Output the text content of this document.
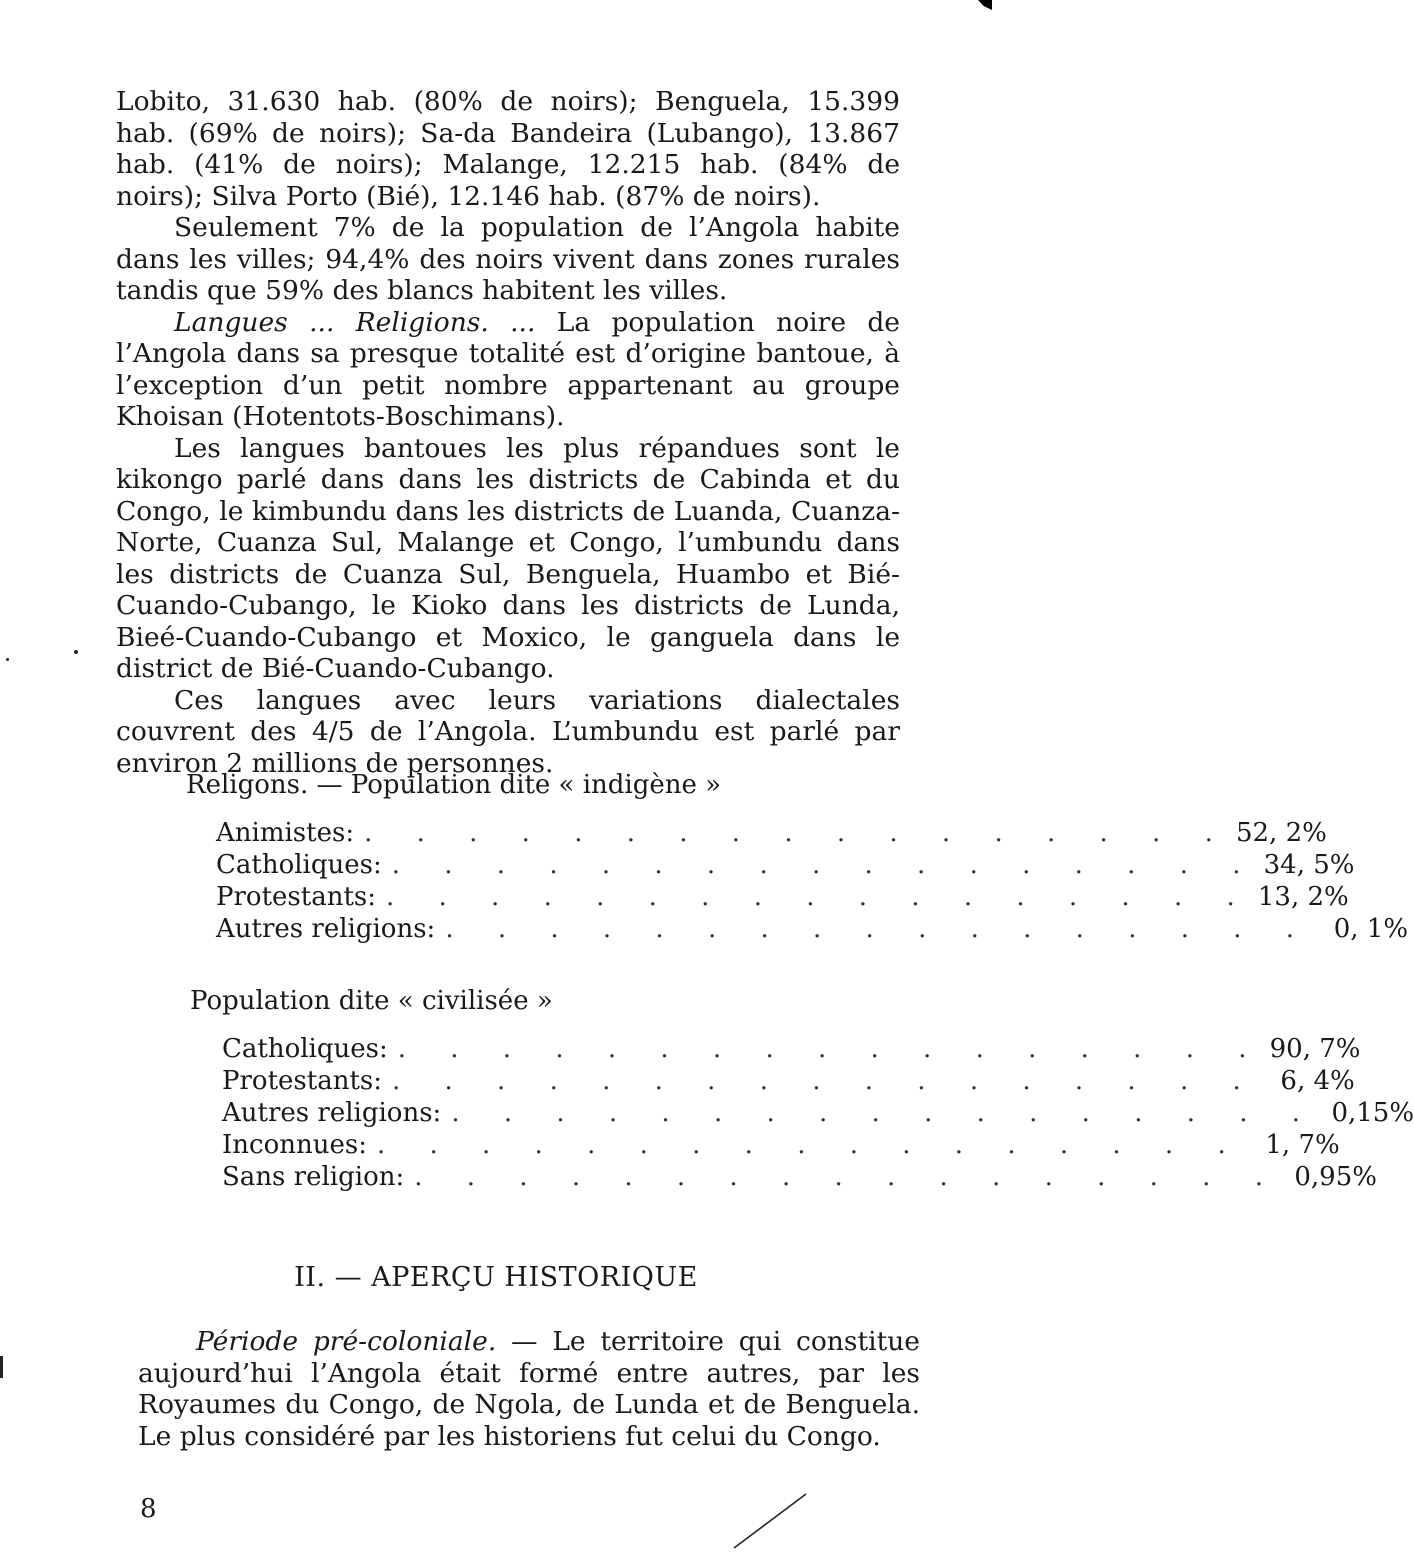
Lobito, 31.630 hab. (80% de noirs); Benguela, 15.399 hab. (69% de noirs); Sa-da Bandeira (Lubango), 13.867 hab. (41% de noirs); Malange, 12.215 hab. (84% de noirs); Silva Porto (Bié), 12.146 hab. (87% de noirs).

Seulement 7% de la population de l’Angola habite dans les villes; 94,4% des noirs vivent dans zones rurales tandis que 59% des blancs habitent les villes.

Langues ... Religions. ... La population noire de l’Angola dans sa presque totalité est d’origine bantoue, à l’exception d’un petit nombre appartenant au groupe Khoisan (Hotentots-Boschimans).

Les langues bantoues les plus répandues sont le kikongo parlé dans dans les districts de Cabinda et du Congo, le kimbundu dans les districts de Luanda, Cuanza-Norte, Cuanza Sul, Malange et Congo, l’umbundu dans les districts de Cuanza Sul, Benguela, Huambo et Bié-Cuando-Cubango, le Kioko dans les districts de Lunda, Bieé-Cuando-Cubango et Moxico, le ganguela dans le district de Bié-Cuando-Cubango.

Ces langues avec leurs variations dialectales couvrent des 4/5 de l’Angola. L’umbundu est parlé par environ 2 millions de personnes.

Religons. — Population dite « indigène »
Animistes: . . . . . . . . . . . . . . . . . 52, 2%
Catholiques: . . . . . . . . . . . . . . . . . 34, 5%
Protestants: . . . . . . . . . . . . . . . . . 13, 2%
Autres religions: . . . . . . . . . . . . . . . . . 0, 1%
Population dite « civilisée »
Catholiques: . . . . . . . . . . . . . . . . . 90, 7%
Protestants: . . . . . . . . . . . . . . . . . 6, 4%
Autres religions: . . . . . . . . . . . . . . . . . 0,15%
Inconnues: . . . . . . . . . . . . . . . . . 1, 7%
Sans religion: . . . . . . . . . . . . . . . . . 0,95%
II. — APERÇU HISTORIQUE

Période pré-coloniale. — Le territoire qui constitue aujourd’hui l’Angola était formé entre autres, par les Royaumes du Congo, de Ngola, de Lunda et de Benguela. Le plus considéré par les historiens fut celui du Congo.

8
